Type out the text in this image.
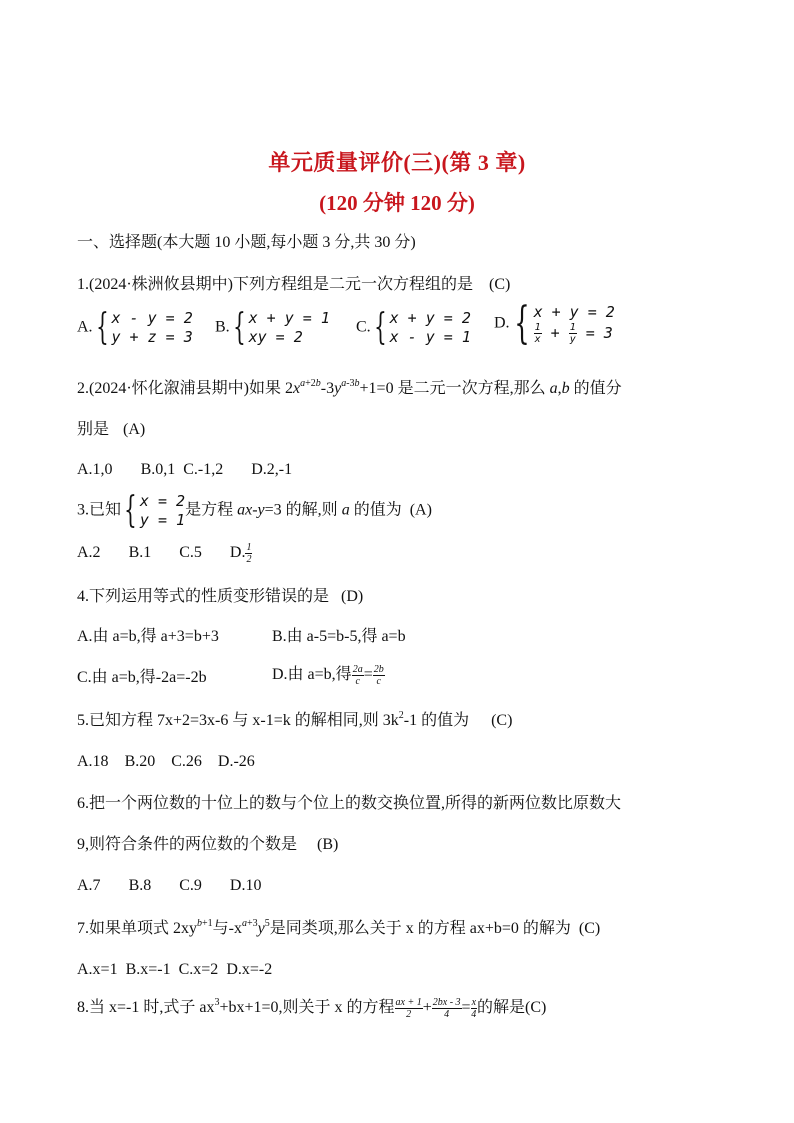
单元质量评价(三)(第 3 章)
(120 分钟 120 分)
一、选择题(本大题 10 小题,每小题 3 分,共 30 分)
1.(2024·株洲攸县期中)下列方程组是二元一次方程组的是 (C)
A.{ x - y = 2
y + z = 3
B.{ x + y = 1
xy = 2
C.{ x + y = 2
x - y = 1
D.{ x + y = 2
$\frac{1}{x} + \frac{1}{y} = 3$
2.(2024·怀化溆浦县期中)如果 $2x^{a+2b}-3y^{a-3b}+1=0$ 是二元一次方程,那么 a,b 的值分
别是 (A)
A.1,0 B.0,1 C.-1,2 D.2,-1
3.已知{ x = 2
y = 1
是方程 ax-y=3 的解,则 a 的值为 (A)
A.2 B.1 C.5 D. $\frac{1}{2}$
4.下列运用等式的性质变形错误的是 (D)
A.由 a=b,得 a+3=b+3	B.由 a-5=b-5,得 a=b
C.由 a=b,得-2a=-2b	D.由 a=b,得 $\frac{2a}{c} = \frac{2b}{c}$
5.已知方程 7x+2=3x-6 与 x-1=k 的解相同,则 $3k^2-1$ 的值为 (C)
A.18 B.20 C.26 D.-26
6.把一个两位数的十位上的数与个位上的数交换位置,所得的新两位数比原数大
9,则符合条件的两位数的个数是 (B)
A.7 B.8 C.9 D.10
7.如果单项式 $2xy^{b+1}$与$-x^{a+3}y^5$是同类项,那么关于 x 的方程 ax+b=0 的解为 (C)
A.x=1 B.x=-1 C.x=2 D.x=-2
8.当 x=-1 时,式子 $ax^3+bx+1=0$,则关于 x 的方程 $\frac{ax + 1}{2} + \frac{2bx - 3}{4} = \frac{x}{4}$ 的解是(C)
